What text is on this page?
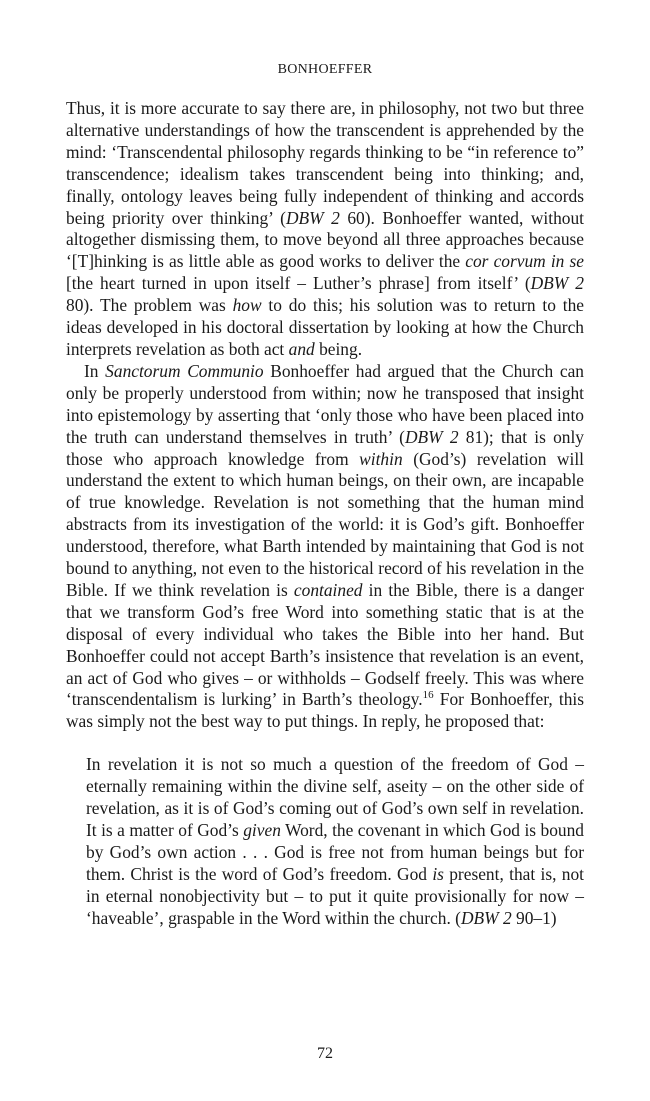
BONHOEFFER

Thus, it is more accurate to say there are, in philosophy, not two but three alternative understandings of how the transcendent is apprehended by the mind: ‘Transcendental philosophy regards thinking to be “in reference to” transcendence; idealism takes transcendent being into thinking; and, finally, ontology leaves being fully independent of thinking and accords being priority over thinking’ (DBW 2 60). Bonhoeffer wanted, without altogether dismissing them, to move beyond all three approaches because ‘[T]hinking is as little able as good works to deliver the cor corvum in se [the heart turned in upon itself – Luther’s phrase] from itself’ (DBW 2 80). The problem was how to do this; his solution was to return to the ideas developed in his doctoral dissertation by looking at how the Church interprets revelation as both act and being.

In Sanctorum Communio Bonhoeffer had argued that the Church can only be properly understood from within; now he transposed that insight into epistemology by asserting that ‘only those who have been placed into the truth can understand themselves in truth’ (DBW 2 81); that is only those who approach knowledge from within (God’s) revelation will understand the extent to which human beings, on their own, are incapable of true knowledge. Revelation is not something that the human mind abstracts from its investigation of the world: it is God’s gift. Bonhoeffer understood, therefore, what Barth intended by maintaining that God is not bound to anything, not even to the historical record of his revelation in the Bible. If we think revelation is contained in the Bible, there is a danger that we transform God’s free Word into something static that is at the disposal of every individual who takes the Bible into her hand. But Bonhoeffer could not accept Barth’s insistence that revelation is an event, an act of God who gives – or withholds – Godself freely. This was where ‘transcendentalism is lurking’ in Barth’s theology.$^{16}$ For Bonhoeffer, this was simply not the best way to put things. In reply, he proposed that:

In revelation it is not so much a question of the freedom of God – eternally remaining within the divine self, aseity – on the other side of revelation, as it is of God’s coming out of God’s own self in revelation. It is a matter of God’s given Word, the covenant in which God is bound by God’s own action . . . God is free not from human beings but for them. Christ is the word of God’s freedom. God is present, that is, not in eternal nonobjectivity but – to put it quite provisionally for now – ‘haveable’, graspable in the Word within the church. (DBW 2 90–1)
72
